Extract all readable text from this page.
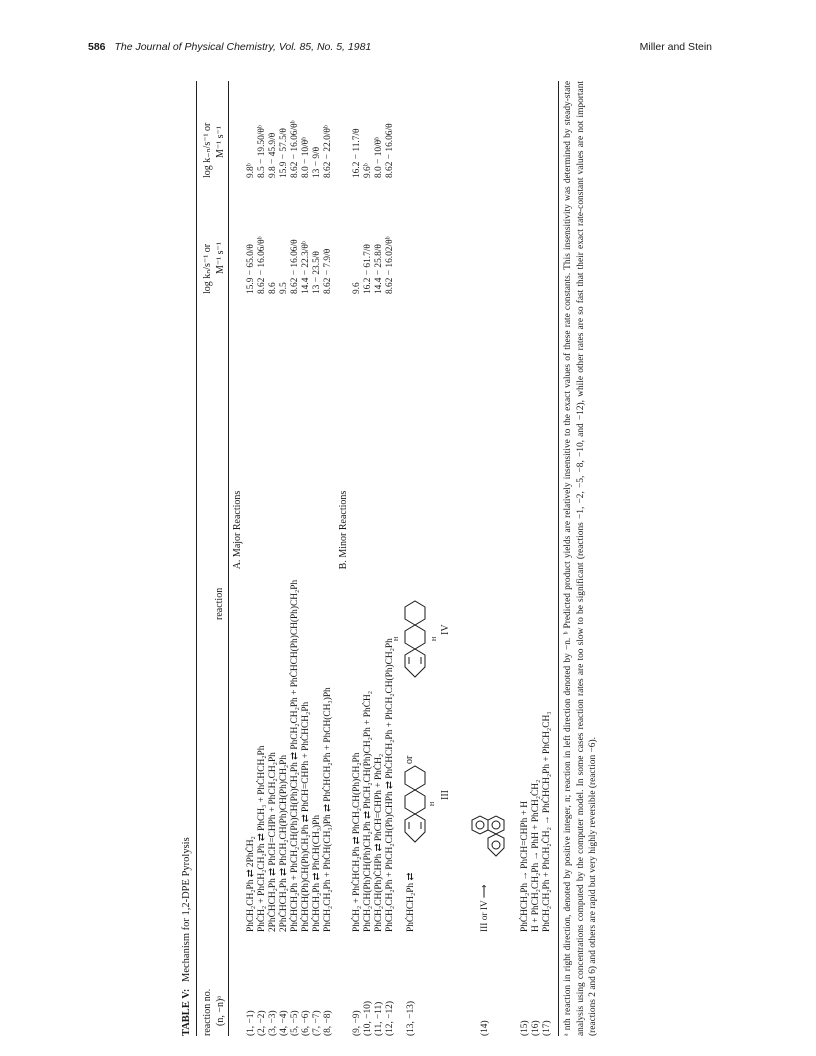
586 The Journal of Physical Chemistry, Vol. 85, No. 5, 1981	Miller and Stein
TABLE V: Mechanism for 1,2-DPE Pyrolysis
reaction no. (n, −n)ᵃ
reaction
log kₙ/s⁻¹ or M⁻¹ s⁻¹
log k₋ₙ/s⁻¹ or M⁻¹ s⁻¹
A. Major Reactions
(1, −1)
PhCH₂CH₂Ph ⇄ 2PhĊH₂
15.9 − 65.0/θ
9.8ᵇ
(2, −2)
PhĊH₂ + PhCH₂CH₂Ph ⇄ PhCH₃ + PhĊHCH₂Ph
8.62 − 16.06/θᵇ
8.5 − 19.50/θᵇ
(3, −3)
2PhĊHCH₂Ph ⇄ PhCH=CHPh + PhCH₂CH₂Ph
8.6
9.8 − 45.9/θ
(4, −4)
2PhĊHCH₂Ph ⇄ PhCH₂CH(Ph)CH(Ph)CH₂Ph
9.5
15.9 − 57.5/θ
(5, −5)
PhĊHCH₂Ph + PhCH₂CH(Ph)CH(Ph)CH₂Ph ⇄ PhCH₂CH₂Ph + PhĊHCH(Ph)CH(Ph)CH₂Ph
8.62 − 16.06/θ
8.62 − 16.06/θᵇ
(6, −6)
PhĊHCH(Ph)CH(Ph)CH₂Ph ⇄ PhCH=CHPh + PhĊHCH₂Ph
14.4 − 22.3/θᵇ
8.0 − 10/θᵇ
(7, −7)
PhĊHCH₂Ph ⇄ PhCH(CH₃)Ph
13 − 23.5/θ
13 − 9/θ
(8, −8)
PhCH₂CH₂Ph + PhĊH(CH₃)Ph ⇄ PhĊHCH₂Ph + PhCH(CH₃)Ph
8.62 − 7.9/θ
8.62 − 22.0/θᵇ
B. Minor Reactions
(9, −9)
PhĊH₂ + PhĊHCH₂Ph ⇄ PhCH₂CH(Ph)CH₂Ph
9.6
16.2 − 11.7/θ
(10, −10)
PhCH₂CH(Ph)CH(Ph)CH₂Ph ⇄ PhCH₂CH(Ph)CH₂Ph + PhĊH₂
16.2 − 61.7/θ
9.6ᵇ
(11, −11)
PhCH₂CH(Ph)ĊHPh ⇄ PhCH=CHPh + PhĊH₂
14.4 − 25.8/θ
8.0 − 10/θᵇ
(12, −12)
PhCH₂CH₂Ph + PhCH₂CH(Ph)CHPh ⇄ PhĊHCH₂Ph + PhCH₂CH(Ph)CH₂Ph
8.62 − 16.02/θᵇ
8.62 − 16.06/θ
(13, −13)
PhĊHCH₂Ph ⇄
H
H	H
or
III
IV
(14)
III or IV ⟶
(15)
PhĊHCH₂Ph → PhCH=CHPh + H
(16)
H + PhCH₂CH₂Ph → PhH + PhCH₂ĊH₂
(17)
PhCH₂CH₂Ph + PhCH₂ĊH₂ → PhĊHCH₂Ph + PhCH₂CH₃ ᵃ nth reaction in right direction, denoted by positive integer, n; reaction in left direction denoted by −n. ᵇ Predicted product yields are relatively insensitive to the exact values of these rate constants. This insensitivity was determined by steady-state analysis using concentrations computed by the computer model. In some cases reaction rates are too slow to be significant (reactions −1, −2, −5, −8, −10, and −12), while other rates are so fast that their exact rate-constant values are not important (reactions 2 and 6) and others are rapid but very highly reversible (reaction −6).
